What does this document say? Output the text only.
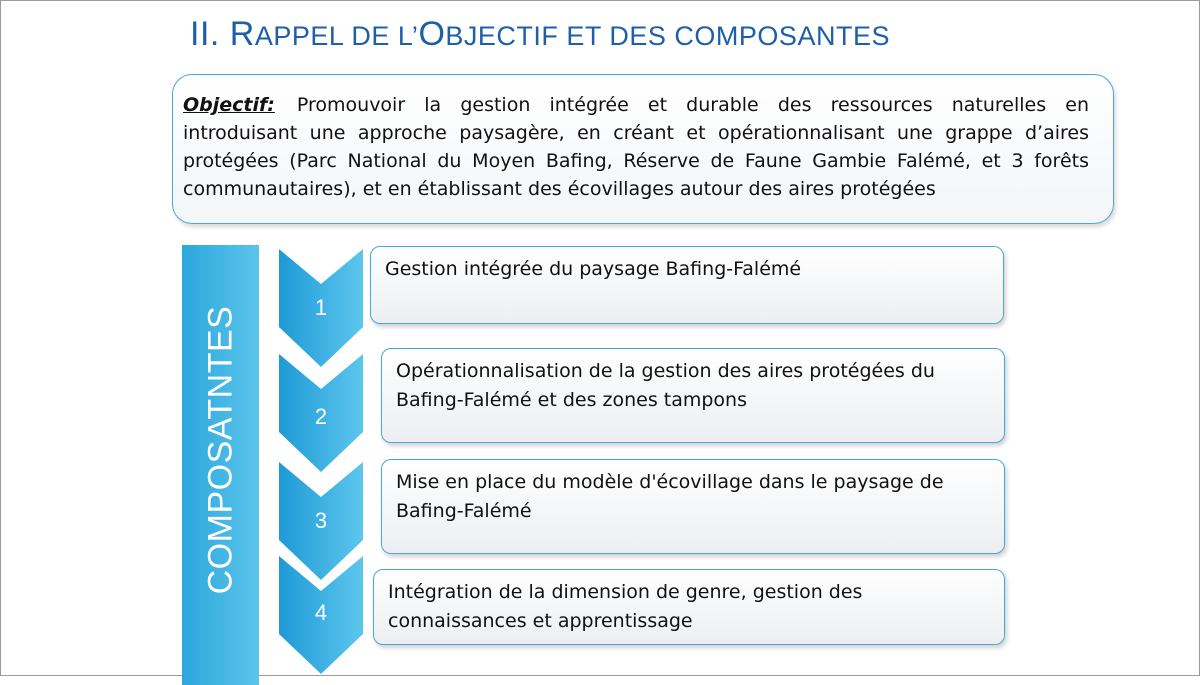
II. RAPPEL DE L’OBJECTIF ET DES COMPOSANTES
Objectif: Promouvoir la gestion intégrée et durable des ressources naturelles en introduisant une approche paysagère, en créant et opérationnalisant une grappe d’aires protégées (Parc National du Moyen Bafing, Réserve de Faune Gambie Falémé, et 3 forêts communautaires), et en établissant des écovillages autour des aires protégées
COMPOSATNTES	1
Gestion intégrée du paysage Bafing-Falémé
2
Opérationnalisation de la gestion des aires protégées du Bafing-Falémé et des zones tampons
3
Mise en place du modèle d'écovillage dans le paysage de Bafing-Falémé
4
Intégration de la dimension de genre, gestion des connaissances et apprentissage
